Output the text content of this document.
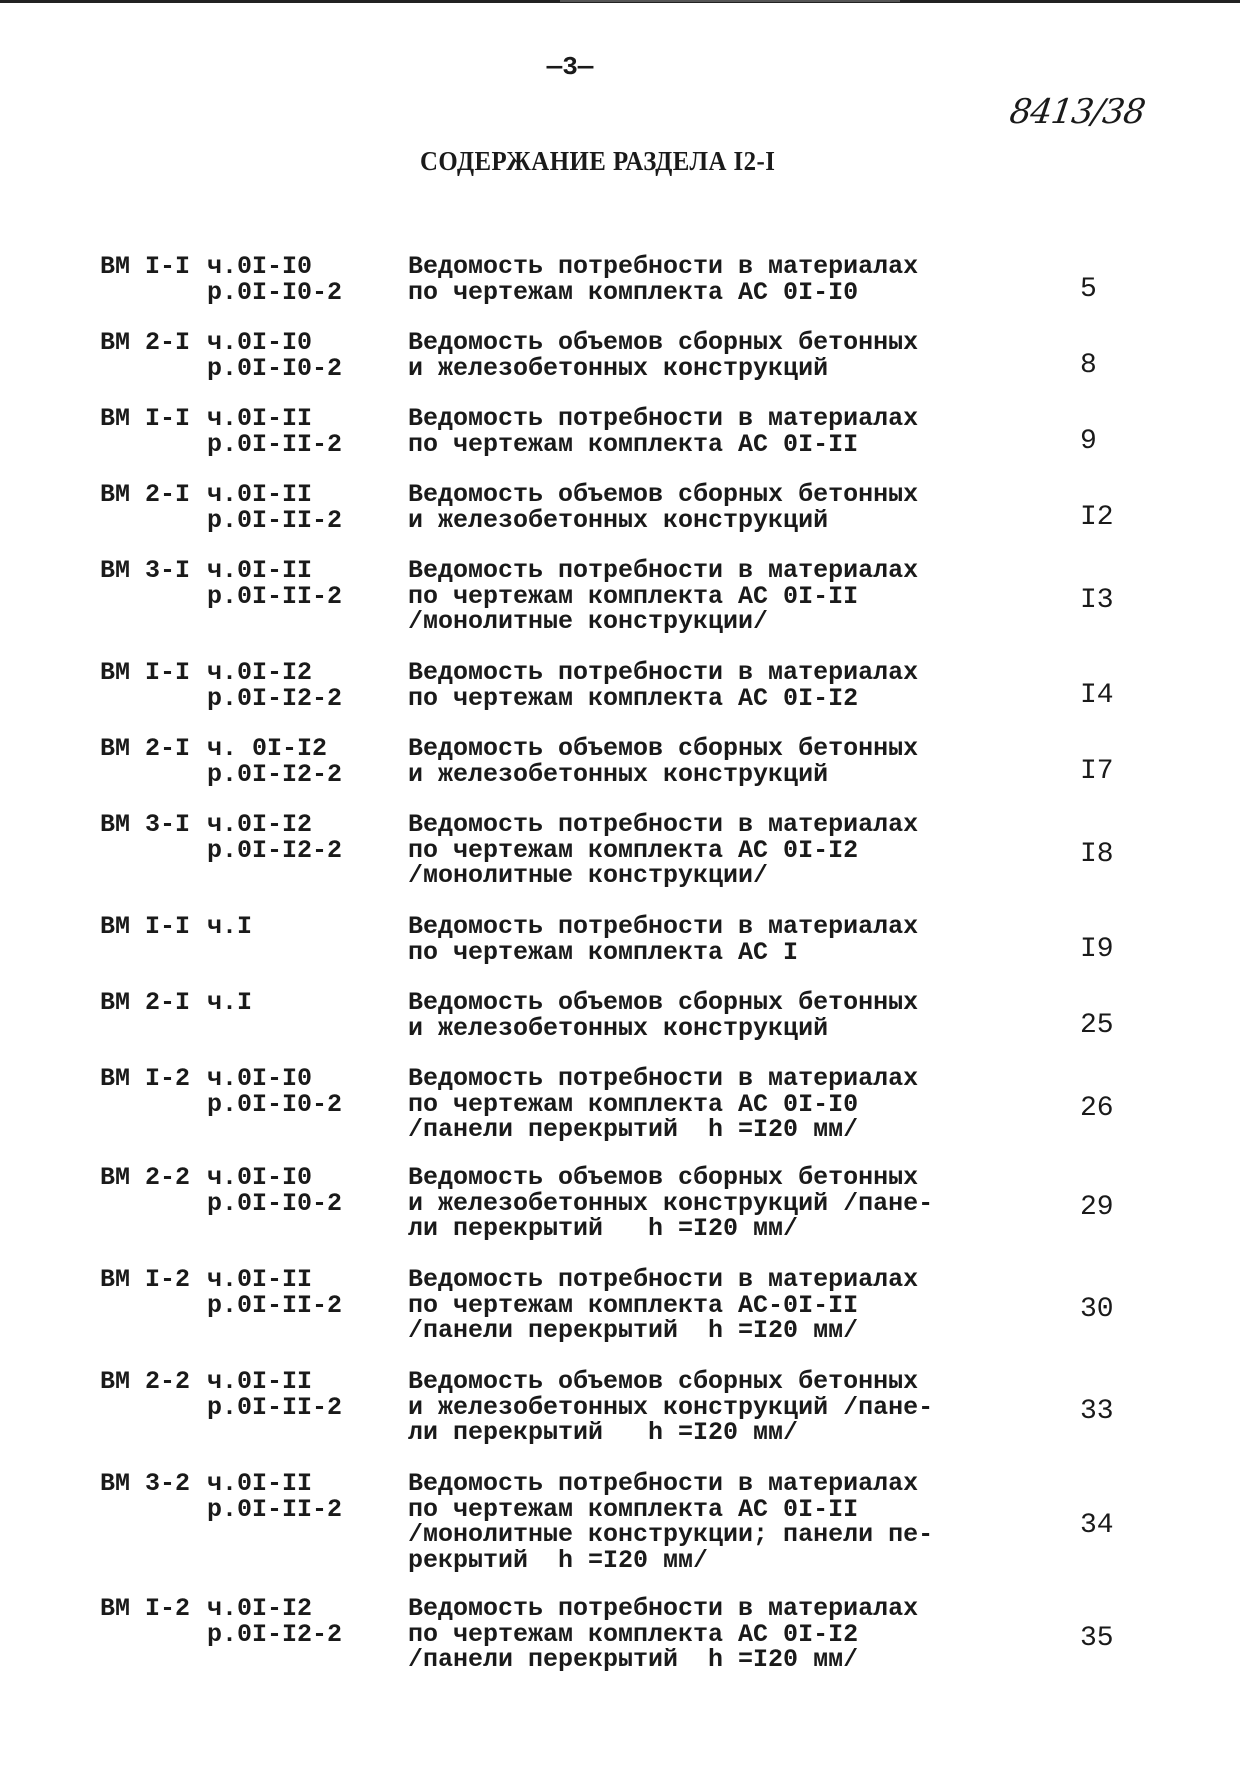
—3—
8413/38
СОДЕРЖАНИЕ РАЗДЕЛА I2-I
ВМ I-I ч.0I-I0
р.0I-I0-2
Ведомость потребности в материалах
по чертежам комплекта АС 0I-I0	5
ВМ 2-I ч.0I-I0
р.0I-I0-2
Ведомость объемов сборных бетонных
и железобетонных конструкций	8
ВМ I-I ч.0I-II
р.0I-II-2
Ведомость потребности в материалах
по чертежам комплекта АС 0I-II	9
ВМ 2-I ч.0I-II
р.0I-II-2
Ведомость объемов сборных бетонных
и железобетонных конструкций	I2
ВМ 3-I ч.0I-II
р.0I-II-2
Ведомость потребности в материалах
по чертежам комплекта АС 0I-II
/монолитные конструкции/
I3
ВМ I-I ч.0I-I2
р.0I-I2-2
Ведомость потребности в материалах
по чертежам комплекта АС 0I-I2	I4
ВМ 2-I ч. 0I-I2
р.0I-I2-2
Ведомость объемов сборных бетонных
и железобетонных конструкций	I7
ВМ 3-I ч.0I-I2
р.0I-I2-2
Ведомость потребности в материалах
по чертежам комплекта АС 0I-I2
/монолитные конструкции/
I8
ВМ I-I ч.I	Ведомость потребности в материалах
по чертежам комплекта АС I	I9
ВМ 2-I ч.I	Ведомость объемов сборных бетонных
и железобетонных конструкций	25
ВМ I-2 ч.0I-I0
р.0I-I0-2
Ведомость потребности в материалах
по чертежам комплекта АС 0I-I0
/панели перекрытий  h =I20 мм/
26
ВМ 2-2 ч.0I-I0
р.0I-I0-2
Ведомость объемов сборных бетонных
и железобетонных конструкций /пане-
ли перекрытий   h =I20 мм/
29
ВМ I-2 ч.0I-II
р.0I-II-2
Ведомость потребности в материалах
по чертежам комплекта АС-0I-II
/панели перекрытий  h =I20 мм/
30
ВМ 2-2 ч.0I-II
р.0I-II-2
Ведомость объемов сборных бетонных
и железобетонных конструкций /пане-
ли перекрытий   h =I20 мм/
33
ВМ 3-2 ч.0I-II
р.0I-II-2
Ведомость потребности в материалах
по чертежам комплекта АС 0I-II
/монолитные конструкции; панели пе-
рекрытий  h =I20 мм/
34
ВМ I-2 ч.0I-I2
р.0I-I2-2
Ведомость потребности в материалах
по чертежам комплекта АС 0I-I2
/панели перекрытий  h =I20 мм/
35
